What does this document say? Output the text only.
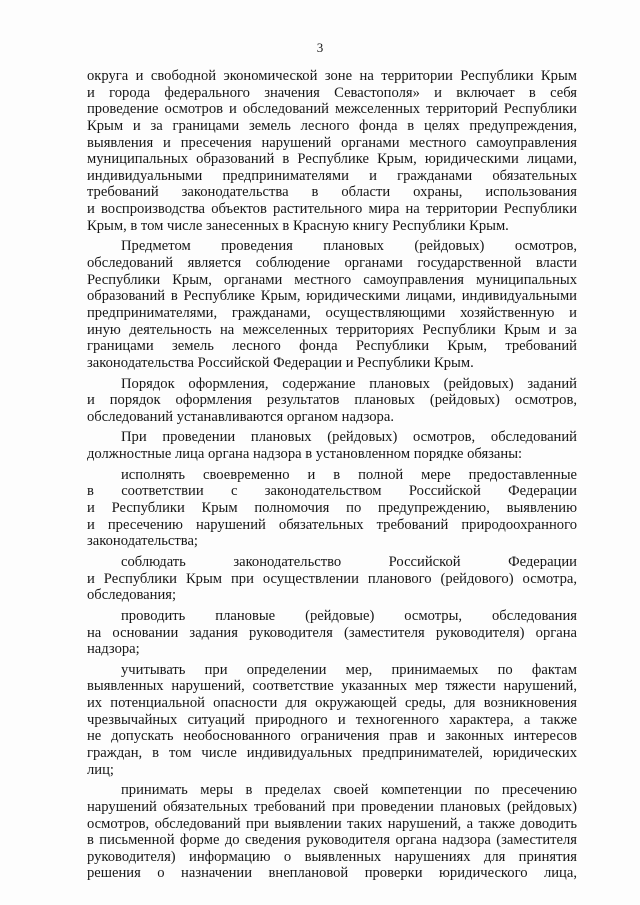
3
округа и свободной экономической зоне на территории Республики Крым
и города федерального значения Севастополя» и включает в себя
проведение осмотров и обследований межселенных территорий Республики
Крым и за границами земель лесного фонда в целях предупреждения,
выявления и пресечения нарушений органами местного самоуправления
муниципальных образований в Республике Крым, юридическими лицами,
индивидуальными предпринимателями и гражданами обязательных
требований законодательства в области охраны, использования
и воспроизводства объектов растительного мира на территории Республики
Крым, в том числе занесенных в Красную книгу Республики Крым.
Предметом проведения плановых (рейдовых) осмотров,
обследований является соблюдение органами государственной власти
Республики Крым, органами местного самоуправления муниципальных
образований в Республике Крым, юридическими лицами, индивидуальными
предпринимателями, гражданами, осуществляющими хозяйственную и
иную деятельность на межселенных территориях Республики Крым и за
границами земель лесного фонда Республики Крым, требований
законодательства Российской Федерации и Республики Крым.
Порядок оформления, содержание плановых (рейдовых) заданий
и порядок оформления результатов плановых (рейдовых) осмотров,
обследований устанавливаются органом надзора.
При проведении плановых (рейдовых) осмотров, обследований
должностные лица органа надзора в установленном порядке обязаны:
исполнять своевременно и в полной мере предоставленные
в соответствии с законодательством Российской Федерации
и Республики Крым полномочия по предупреждению, выявлению
и пресечению нарушений обязательных требований природоохранного
законодательства;
соблюдать законодательство Российской Федерации
и Республики Крым при осуществлении планового (рейдового) осмотра,
обследования;
проводить плановые (рейдовые) осмотры, обследования
на основании задания руководителя (заместителя руководителя) органа
надзора;
учитывать при определении мер, принимаемых по фактам
выявленных нарушений, соответствие указанных мер тяжести нарушений,
их потенциальной опасности для окружающей среды, для возникновения
чрезвычайных ситуаций природного и техногенного характера, а также
не допускать необоснованного ограничения прав и законных интересов
граждан, в том числе индивидуальных предпринимателей, юридических
лиц;
принимать меры в пределах своей компетенции по пресечению
нарушений обязательных требований при проведении плановых (рейдовых)
осмотров, обследований при выявлении таких нарушений, а также доводить
в письменной форме до сведения руководителя органа надзора (заместителя
руководителя) информацию о выявленных нарушениях для принятия
решения о назначении внеплановой проверки юридического лица,
